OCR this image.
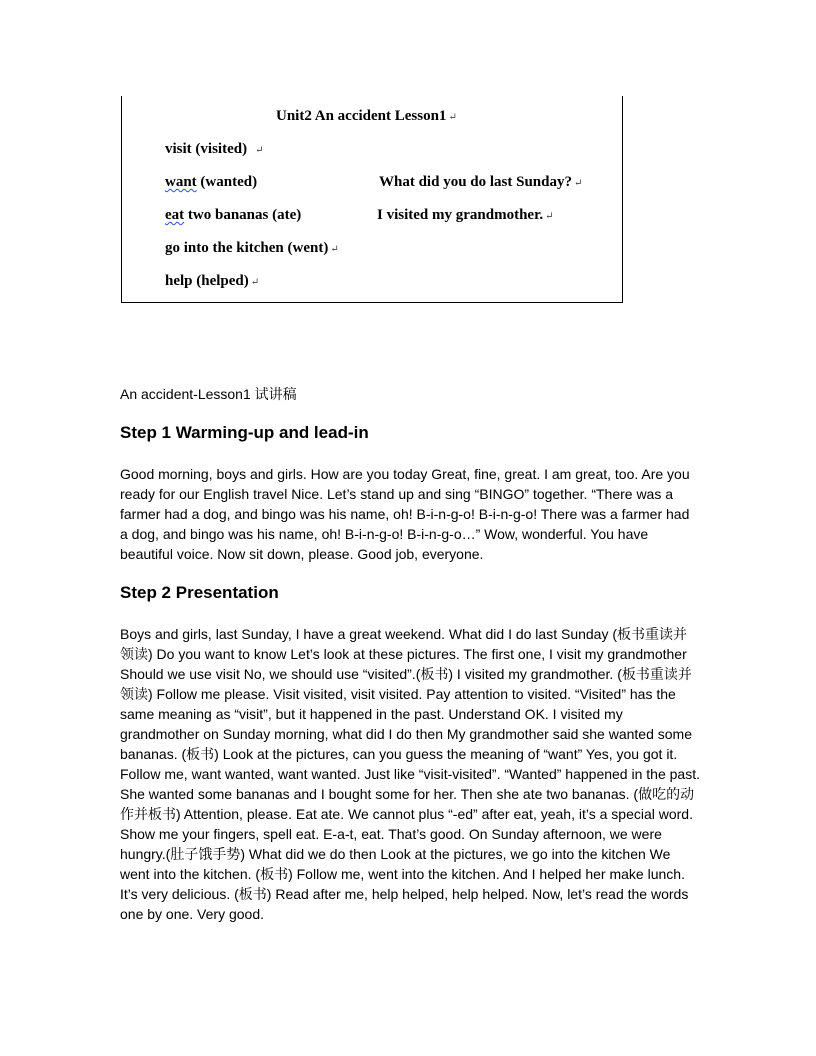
Unit2 An accident Lesson1 ↵
visit (visited) ↵
want (wanted)
eat two bananas (ate)
go into the kitchen (went) ↵
help (helped) ↵
What did you do last Sunday? ↵
I visited my grandmother. ↵
An accident-Lesson1 试讲稿
Step 1 Warming-up and lead-in

Good morning, boys and girls. How are you today Great, fine, great. I am great, too. Are you ready for our English travel Nice. Let’s stand up and sing “BINGO” together. “There was a farmer had a dog, and bingo was his name, oh! B-i-n-g-o! B-i-n-g-o! There was a farmer had a dog, and bingo was his name, oh! B-i-n-g-o! B-i-n-g-o…” Wow, wonderful. You have beautiful voice. Now sit down, please. Good job, everyone.

Step 2 Presentation

Boys and girls, last Sunday, I have a great weekend. What did I do last Sunday (板书重读并领读) Do you want to know Let’s look at these pictures. The first one, I visit my grandmother Should we use visit No, we should use “visited”.(板书) I visited my grandmother. (板书重读并领读) Follow me please. Visit visited, visit visited. Pay attention to visited. “Visited” has the same meaning as “visit”, but it happened in the past. Understand OK. I visited my grandmother on Sunday morning, what did I do then My grandmother said she wanted some bananas. (板书) Look at the pictures, can you guess the meaning of “want” Yes, you got it. Follow me, want wanted, want wanted. Just like “visit-visited”. “Wanted” happened in the past. She wanted some bananas and I bought some for her. Then she ate two bananas. (做吃的动作并板书) Attention, please. Eat ate. We cannot plus “-ed” after eat, yeah, it’s a special word. Show me your fingers, spell eat. E-a-t, eat. That’s good. On Sunday afternoon, we were hungry.(肚子饿手势) What did we do then Look at the pictures, we go into the kitchen We went into the kitchen. (板书) Follow me, went into the kitchen. And I helped her make lunch. It’s very delicious. (板书) Read after me, help helped, help helped. Now, let’s read the words one by one. Very good.
